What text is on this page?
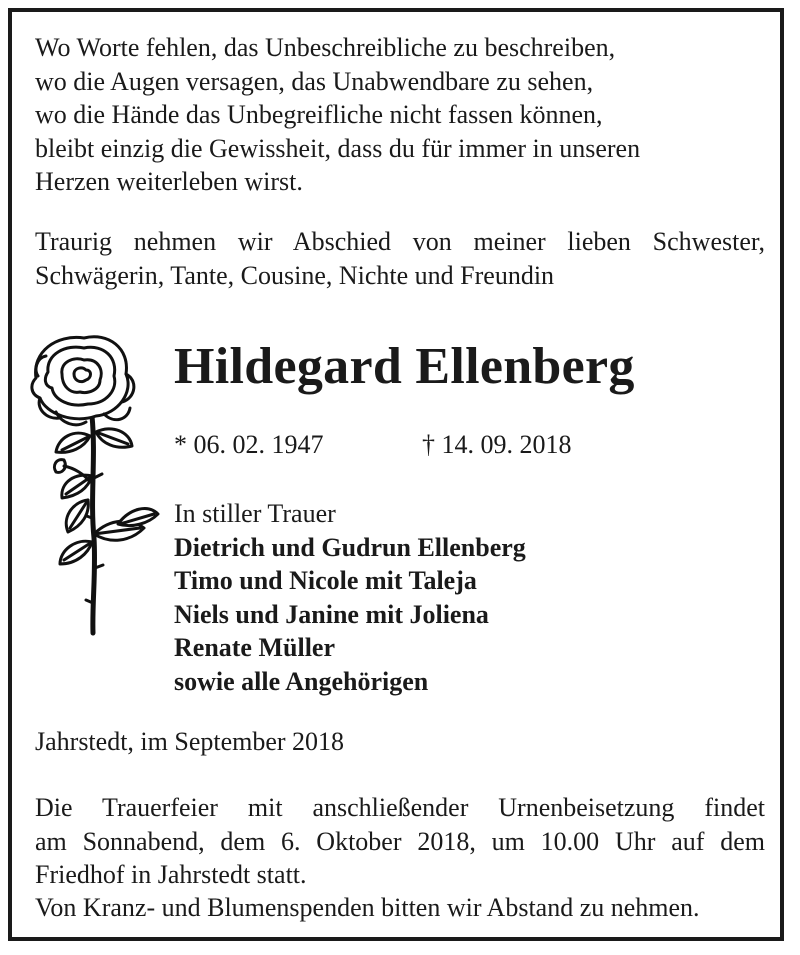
Wo Worte fehlen, das Unbeschreibliche zu beschreiben,
wo die Augen versagen, das Unabwendbare zu sehen,
wo die Hände das Unbegreifliche nicht fassen können,
bleibt einzig die Gewissheit, dass du für immer in unseren
Herzen weiterleben wirst.
Traurig nehmen wir Abschied von meiner lieben Schwester,
Schwägerin, Tante, Cousine, Nichte und Freundin
Hildegard Ellenberg
* 06. 02. 1947	† 14. 09. 2018
In stiller Trauer
Dietrich und Gudrun Ellenberg
Timo und Nicole mit Taleja
Niels und Janine mit Joliena
Renate Müller
sowie alle Angehörigen
Jahrstedt, im September 2018
Die Trauerfeier mit anschließender Urnenbeisetzung findet
am Sonnabend, dem 6. Oktober 2018, um 10.00 Uhr auf dem
Friedhof in Jahrstedt statt.
Von Kranz- und Blumenspenden bitten wir Abstand zu nehmen.
